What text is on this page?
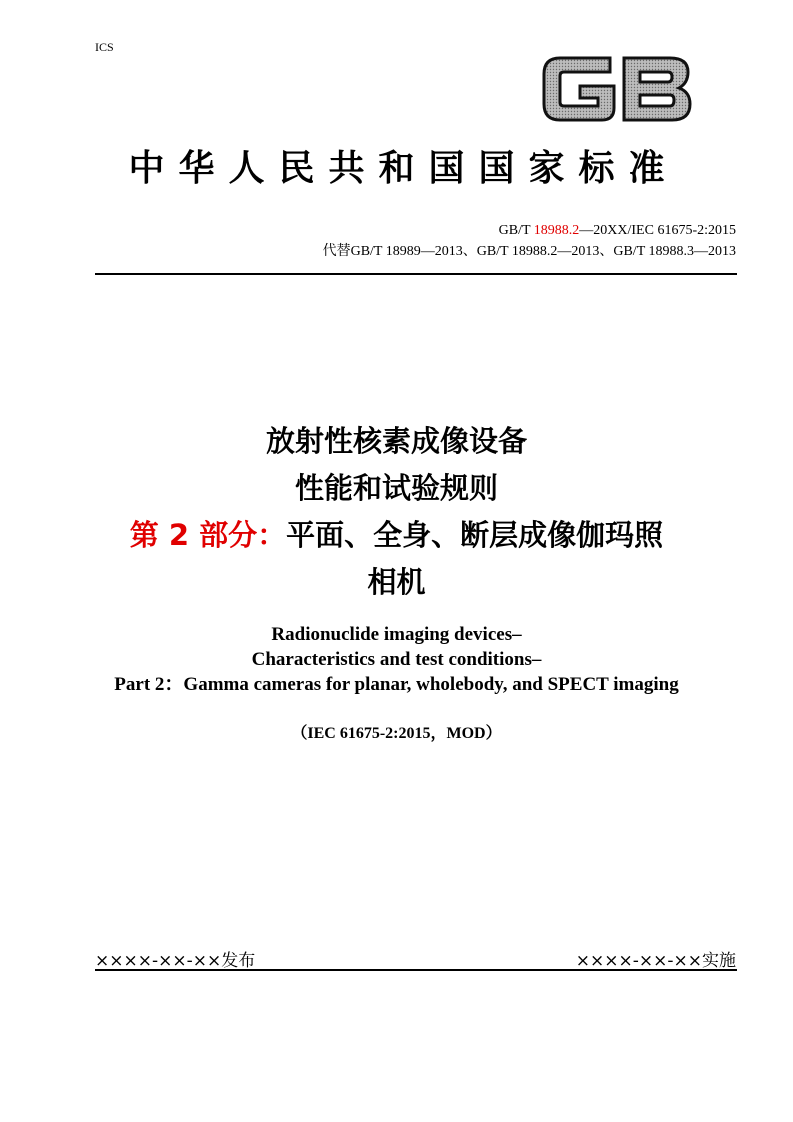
ICS
中华人民共和国国家标准
GB/T 18988.2—20XX/IEC 61675-2:2015
代替GB/T 18989—2013、GB/T 18988.2—2013、GB/T 18988.3—2013
放射性核素成像设备
性能和试验规则
第 2 部分：平面、全身、断层成像伽玛照
相机
Radionuclide imaging devices–
Characteristics and test conditions–
Part 2：Gamma cameras for planar, wholebody, and SPECT imaging
（IEC 61675-2:2015，MOD）
××××-××-××发布	××××-××-××实施
